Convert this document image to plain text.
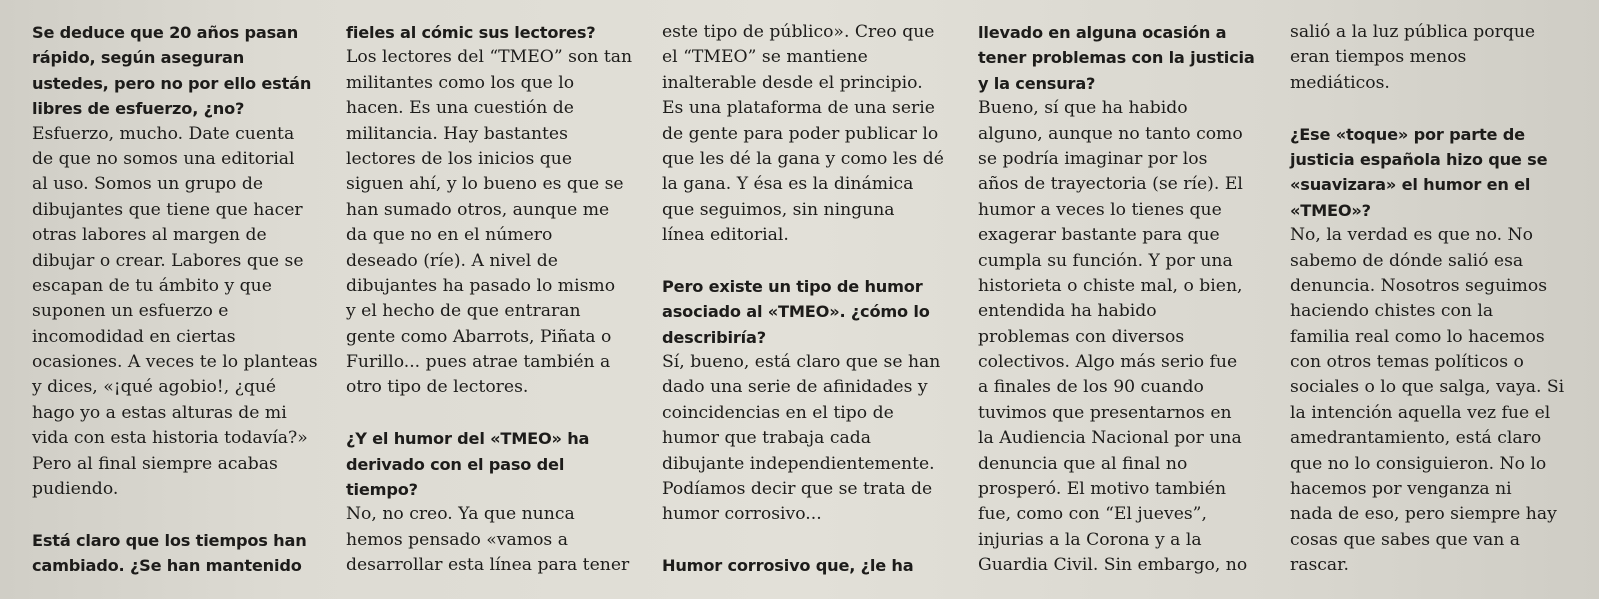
Se deduce que 20 años pasan
rápido, según aseguran
ustedes, pero no por ello están
libres de esfuerzo, ¿no?
Esfuerzo, mucho. Date cuenta
de que no somos una editorial
al uso. Somos un grupo de
dibujantes que tiene que hacer
otras labores al margen de
dibujar o crear. Labores que se
escapan de tu ámbito y que
suponen un esfuerzo e
incomodidad en ciertas
ocasiones. A veces te lo planteas
y dices, «¡qué agobio!, ¿qué
hago yo a estas alturas de mi
vida con esta historia todavía?»
Pero al final siempre acabas
pudiendo.
Está claro que los tiempos han
cambiado. ¿Se han mantenido
fieles al cómic sus lectores?
Los lectores del “TMEO” son tan
militantes como los que lo
hacen. Es una cuestión de
militancia. Hay bastantes
lectores de los inicios que
siguen ahí, y lo bueno es que se
han sumado otros, aunque me
da que no en el número
deseado (ríe). A nivel de
dibujantes ha pasado lo mismo
y el hecho de que entraran
gente como Abarrots, Piñata o
Furillo... pues atrae también a
otro tipo de lectores.
¿Y el humor del «TMEO» ha
derivado con el paso del
tiempo?
No, no creo. Ya que nunca
hemos pensado «vamos a
desarrollar esta línea para tener
este tipo de público». Creo que
el “TMEO” se mantiene
inalterable desde el principio.
Es una plataforma de una serie
de gente para poder publicar lo
que les dé la gana y como les dé
la gana. Y ésa es la dinámica
que seguimos, sin ninguna
línea editorial.
Pero existe un tipo de humor
asociado al «TMEO». ¿cómo lo
describiría?
Sí, bueno, está claro que se han
dado una serie de afinidades y
coincidencias en el tipo de
humor que trabaja cada
dibujante independientemente.
Podíamos decir que se trata de
humor corrosivo...
Humor corrosivo que, ¿le ha
llevado en alguna ocasión a
tener problemas con la justicia
y la censura?
Bueno, sí que ha habido
alguno, aunque no tanto como
se podría imaginar por los
años de trayectoria (se ríe). El
humor a veces lo tienes que
exagerar bastante para que
cumpla su función. Y por una
historieta o chiste mal, o bien,
entendida ha habido
problemas con diversos
colectivos. Algo más serio fue
a finales de los 90 cuando
tuvimos que presentarnos en
la Audiencia Nacional por una
denuncia que al final no
prosperó. El motivo también
fue, como con “El jueves”,
injurias a la Corona y a la
Guardia Civil. Sin embargo, no
salió a la luz pública porque
eran tiempos menos
mediáticos.
¿Ese «toque» por parte de
justicia española hizo que se
«suavizara» el humor en el
«TMEO»?
No, la verdad es que no. No
sabemo de dónde salió esa
denuncia. Nosotros seguimos
haciendo chistes con la
familia real como lo hacemos
con otros temas políticos o
sociales o lo que salga, vaya. Si
la intención aquella vez fue el
amedrantamiento, está claro
que no lo consiguieron. No lo
hacemos por venganza ni
nada de eso, pero siempre hay
cosas que sabes que van a
rascar.
